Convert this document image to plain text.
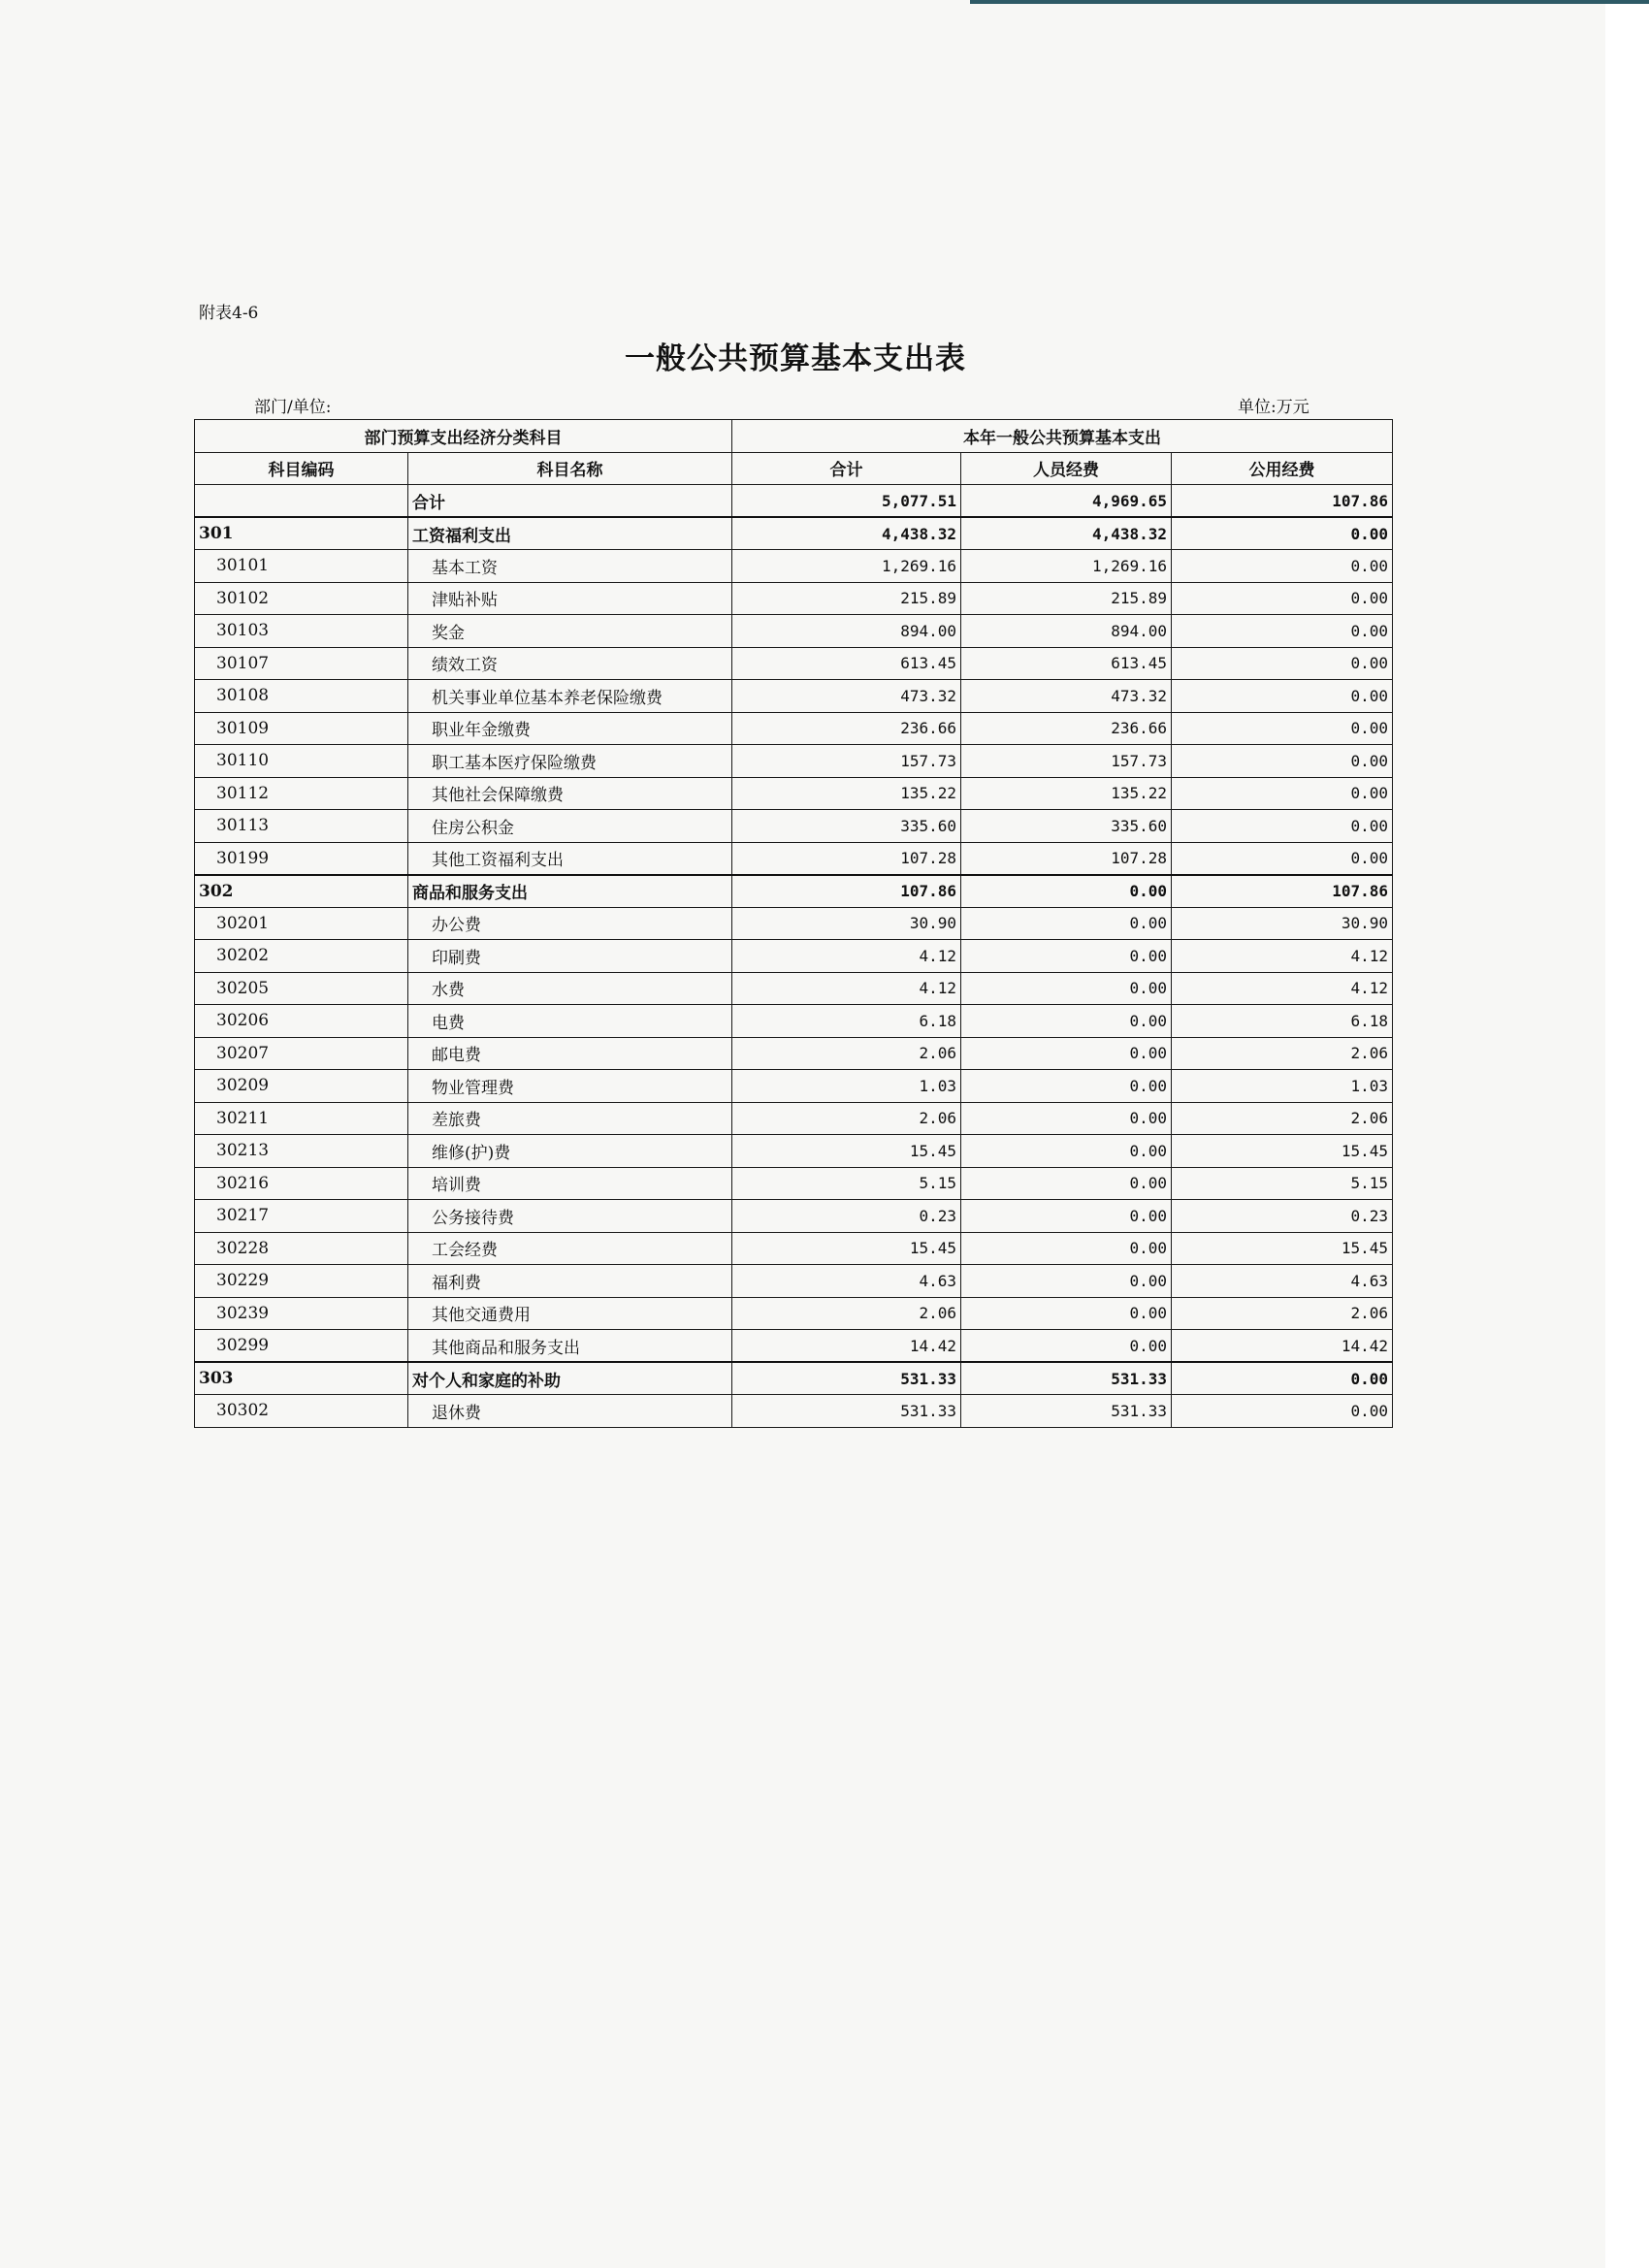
附表4-6
一般公共预算基本支出表
部门/单位:	单位:万元
部门预算支出经济分类科目		本年一般公共预算基本支出		
科目编码	科目名称	合计	人员经费	公用经费
	合计	5,077.51	4,969.65	107.86
301	工资福利支出	4,438.32	4,438.32	0.00
30101	基本工资	1,269.16	1,269.16	0.00
30102	津贴补贴	215.89	215.89	0.00
30103	奖金	894.00	894.00	0.00
30107	绩效工资	613.45	613.45	0.00
30108	机关事业单位基本养老保险缴费	473.32	473.32	0.00
30109	职业年金缴费	236.66	236.66	0.00
30110	职工基本医疗保险缴费	157.73	157.73	0.00
30112	其他社会保障缴费	135.22	135.22	0.00
30113	住房公积金	335.60	335.60	0.00
30199	其他工资福利支出	107.28	107.28	0.00
302	商品和服务支出	107.86	0.00	107.86
30201	办公费	30.90	0.00	30.90
30202	印刷费	4.12	0.00	4.12
30205	水费	4.12	0.00	4.12
30206	电费	6.18	0.00	6.18
30207	邮电费	2.06	0.00	2.06
30209	物业管理费	1.03	0.00	1.03
30211	差旅费	2.06	0.00	2.06
30213	维修(护)费	15.45	0.00	15.45
30216	培训费	5.15	0.00	5.15
30217	公务接待费	0.23	0.00	0.23
30228	工会经费	15.45	0.00	15.45
30229	福利费	4.63	0.00	4.63
30239	其他交通费用	2.06	0.00	2.06
30299	其他商品和服务支出	14.42	0.00	14.42
303	对个人和家庭的补助	531.33	531.33	0.00
30302	退休费	531.33	531.33	0.00
